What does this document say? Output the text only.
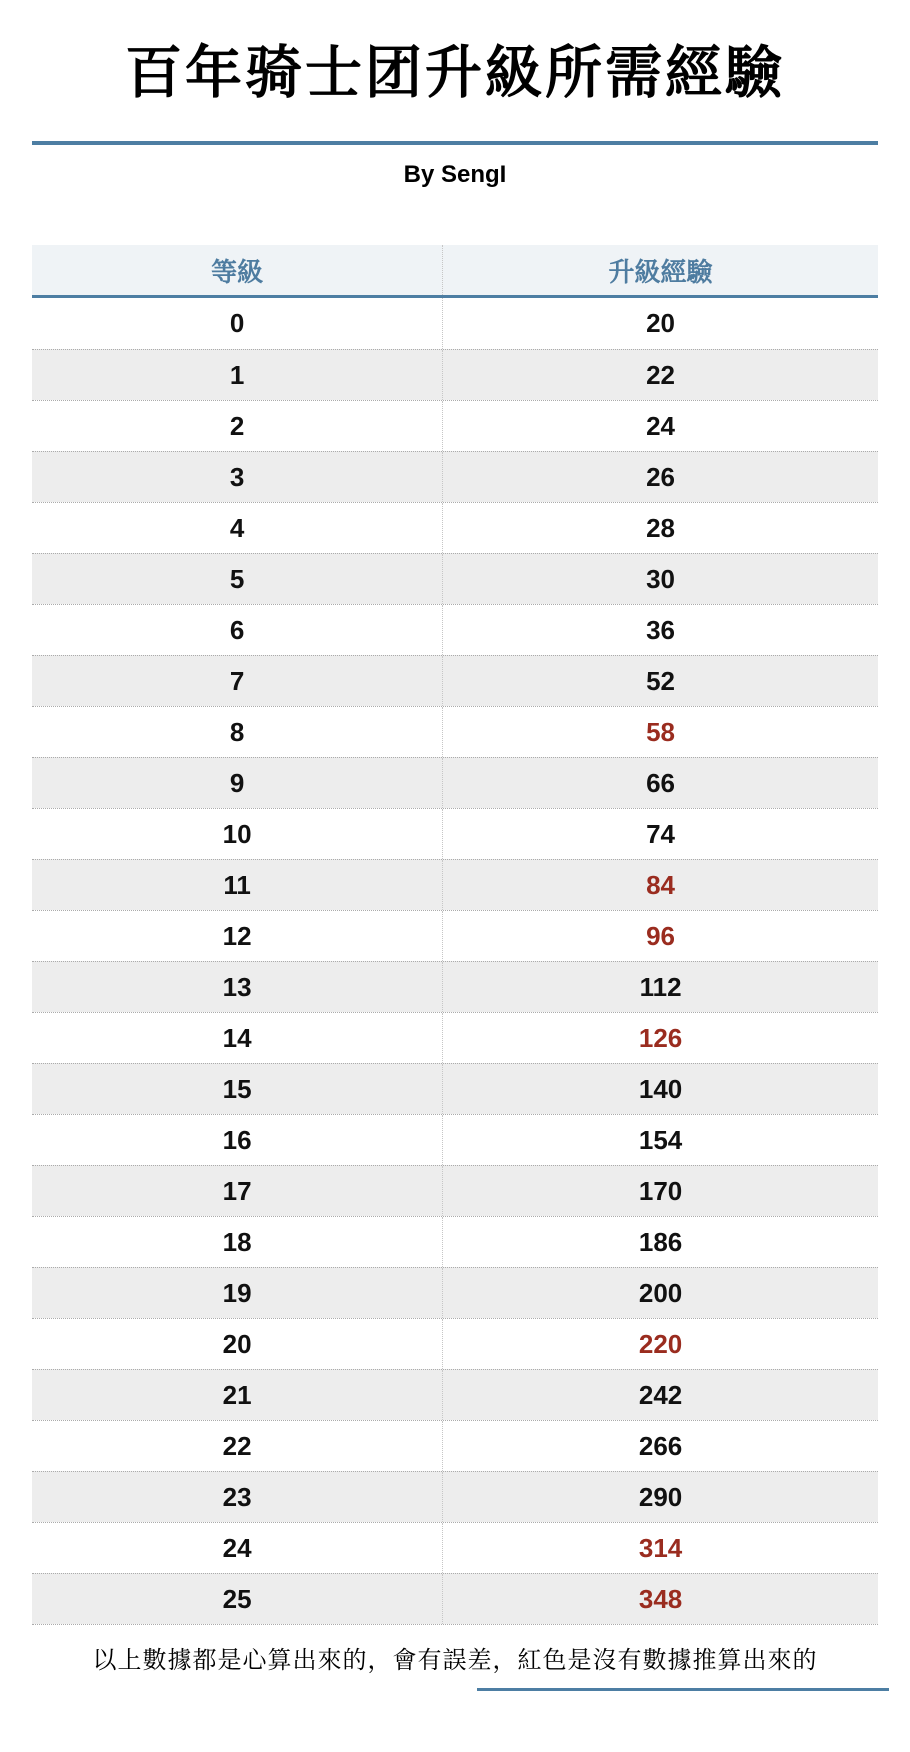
百年骑士团升級所需經驗
By SengI
等級	升級經驗
0	20
1	22
2	24
3	26
4	28
5	30
6	36
7	52
8	58
9	66
10	74
11	84
12	96
13	112
14	126
15	140
16	154
17	170
18	186
19	200
20	220
21	242
22	266
23	290
24	314
25	348
以上數據都是心算出來的，會有誤差，紅色是沒有數據推算出來的
